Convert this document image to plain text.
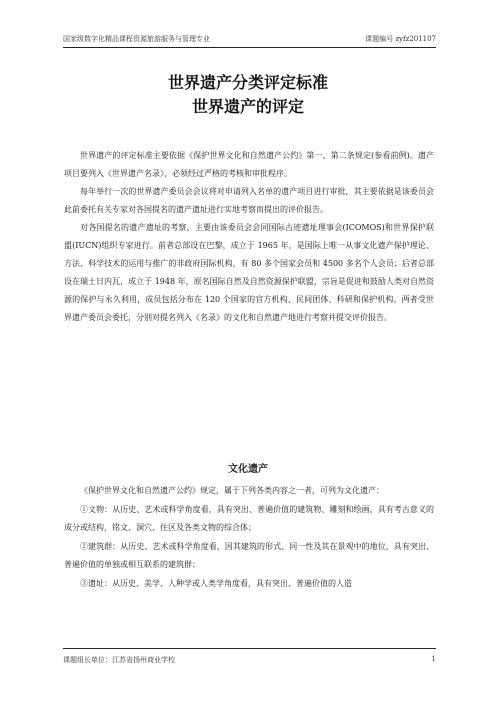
国家级数字化精品课程资源旅游服务与管理专业	课题编号 zyfz201107
世界遗产分类评定标准
世界遗产的评定

世界遗产的评定标准主要依据《保护世界文化和自然遗产公约》第一、第二条规定(参看前例)。遗产项目要列入《世界遗产名录》，必须经过严格的考核和审批程序。

每年举行一次的世界遗产委员会会议将对申请列入名单的遗产项目进行审批，其主要依据是该委员会此前委托有关专家对各国提名的遗产遗址进行实地考察而提出的评价报告。

对各国提名的遗产遗址的考察，主要由该委员会会同国际古迹遗址理事会(ICOMOS)和世界保护联盟(IUCN)组织专家进行。前者总部设在巴黎，成立于 1965 年，是国际上唯一从事文化遗产保护理论、方法、科学技术的运用与推广的非政府国际机构，有 80 多个国家会员和 4500 多名个人会员；后者总部设在瑞士日内瓦，成立于 1948 年，原名国际自然及自然资源保护联盟，宗旨是促进和鼓励人类对自然资源的保护与永久利用，成员包括分布在 120 个国家的官方机构、民间团体、科研和保护机构。两者受世界遗产委员会委托，分别对提名列入《名录》的文化和自然遗产地进行考察并提交评价报告。

文化遗产

《保护世界文化和自然遗产公约》规定，属于下列各类内容之一者，可列为文化遗产：

①文物：从历史、艺术或科学角度看，具有突出、普遍价值的建筑物、雕刻和绘画，具有考古意义的成分或结构，铭文、洞穴、住区及各类文物的综合体；

②建筑群：从历史、艺术或科学角度看，因其建筑的形式、同一性及其在景观中的地位，具有突出、普遍价值的单独或相互联系的建筑群；

③遗址：从历史、美学、人种学或人类学角度看，具有突出、普遍价值的人造

课题组长单位：江苏省扬州商业学校	1
